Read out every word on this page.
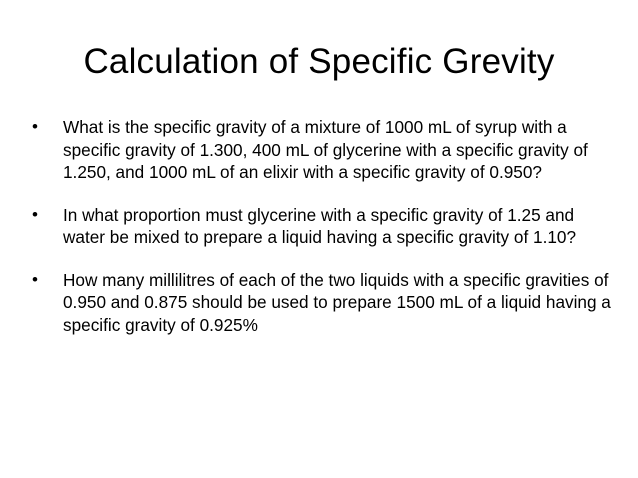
Calculation of Specific Grevity
• What is the specific gravity of a mixture of 1000 mL of syrup with a specific gravity of 1.300, 400 mL of glycerine with a specific gravity of 1.250, and 1000 mL of an elixir with a specific gravity of 0.950?
• In what proportion must glycerine with a specific gravity of 1.25 and water be mixed to prepare a liquid having a specific gravity of 1.10?
• How many millilitres of each of the two liquids with a specific gravities of 0.950 and 0.875 should be used to prepare 1500 mL of a liquid having a specific gravity of 0.925%
